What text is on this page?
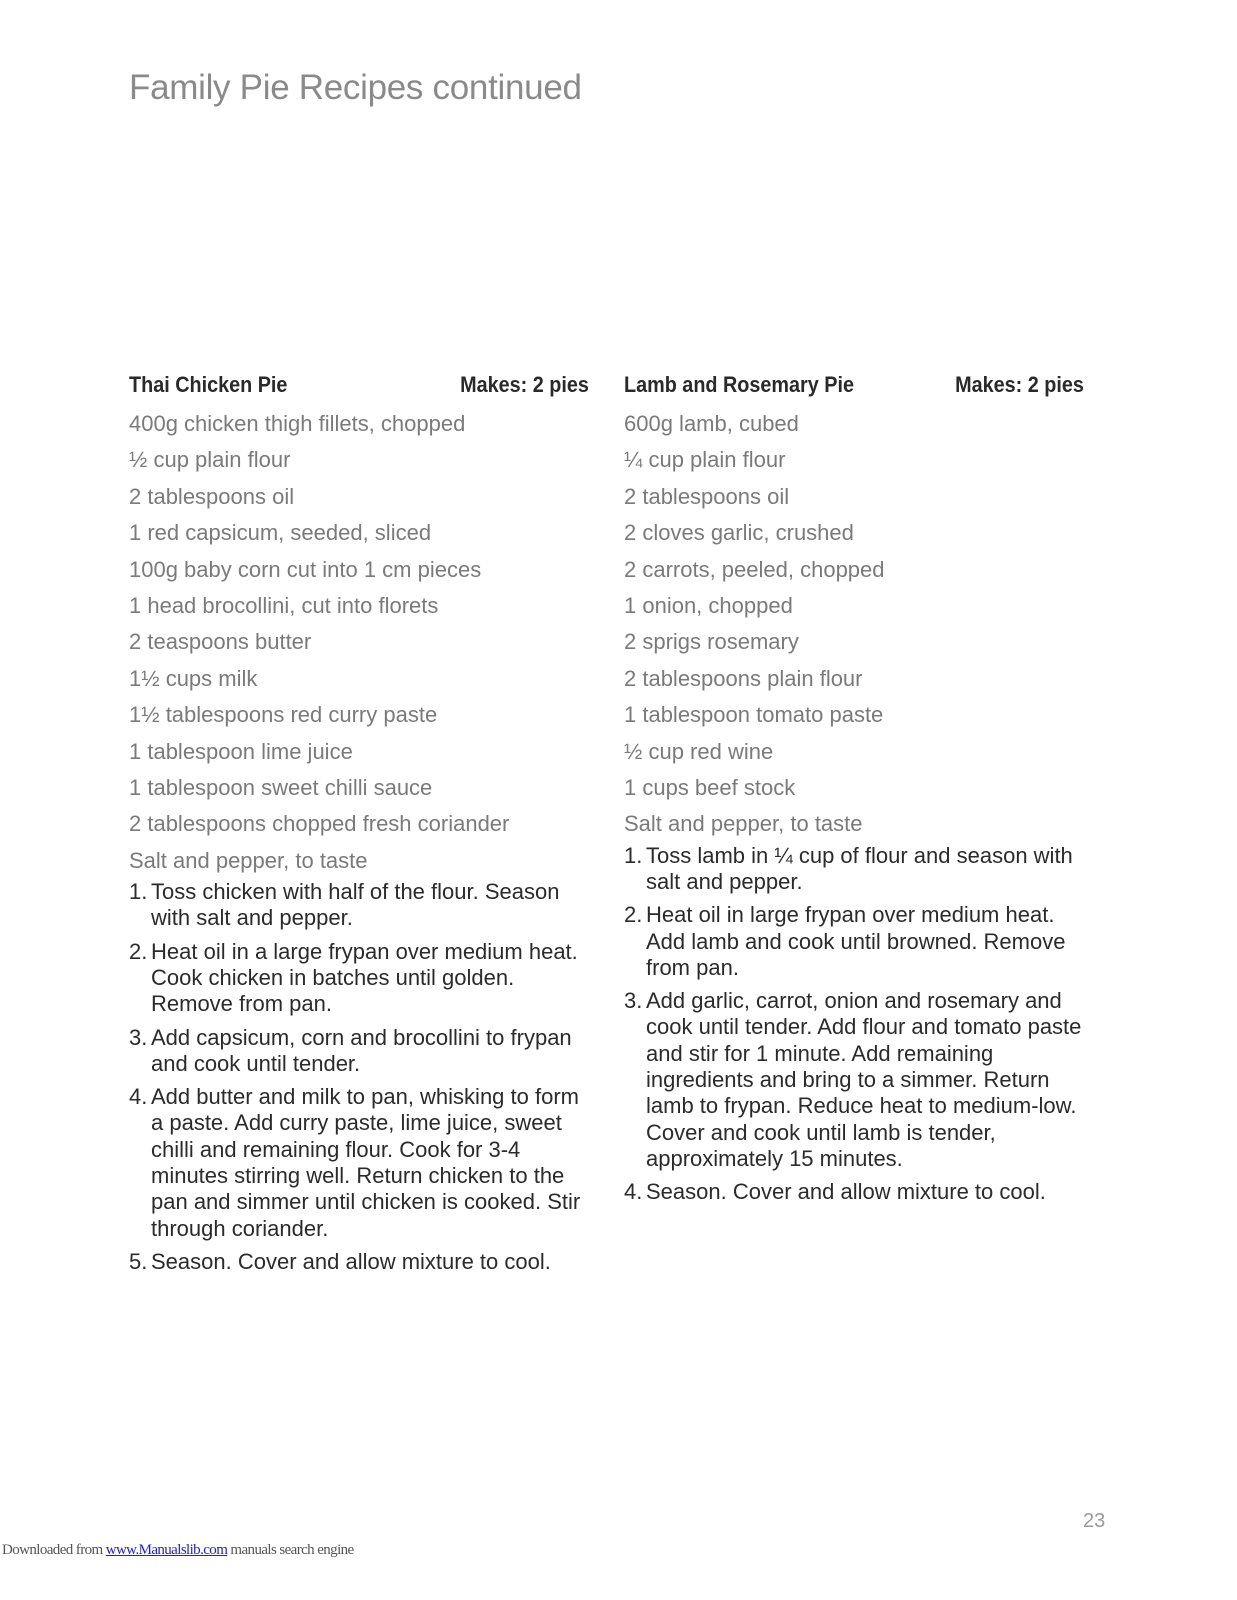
Family Pie Recipes continued
Thai Chicken Pie	Makes: 2 pies
400g chicken thigh fillets, chopped
½ cup plain flour
2 tablespoons oil
1 red capsicum, seeded, sliced
100g baby corn cut into 1 cm pieces
1 head brocollini, cut into florets
2 teaspoons butter
1½ cups milk
1½ tablespoons red curry paste
1 tablespoon lime juice
1 tablespoon sweet chilli sauce
2 tablespoons chopped fresh coriander
Salt and pepper, to taste
1. Toss chicken with half of the flour. Season with salt and pepper.
2. Heat oil in a large frypan over medium heat. Cook chicken in batches until golden. Remove from pan.
3. Add capsicum, corn and brocollini to frypan and cook until tender.
4. Add butter and milk to pan, whisking to form a paste. Add curry paste, lime juice, sweet chilli and remaining flour. Cook for 3-4 minutes stirring well. Return chicken to the pan and simmer until chicken is cooked. Stir through coriander.
5. Season. Cover and allow mixture to cool.
Lamb and Rosemary Pie	Makes: 2 pies
600g lamb, cubed
¼ cup plain flour
2 tablespoons oil
2 cloves garlic, crushed
2 carrots, peeled, chopped
1 onion, chopped
2 sprigs rosemary
2 tablespoons plain flour
1 tablespoon tomato paste
½ cup red wine
1 cups beef stock
Salt and pepper, to taste
1. Toss lamb in ¼ cup of flour and season with salt and pepper.
2. Heat oil in large frypan over medium heat. Add lamb and cook until browned. Remove from pan.
3. Add garlic, carrot, onion and rosemary and cook until tender. Add flour and tomato paste and stir for 1 minute. Add remaining ingredients and bring to a simmer. Return lamb to frypan. Reduce heat to medium-low. Cover and cook until lamb is tender, approximately 15 minutes.
4. Season. Cover and allow mixture to cool.
23
Downloaded from www.Manualslib.com manuals search engine
